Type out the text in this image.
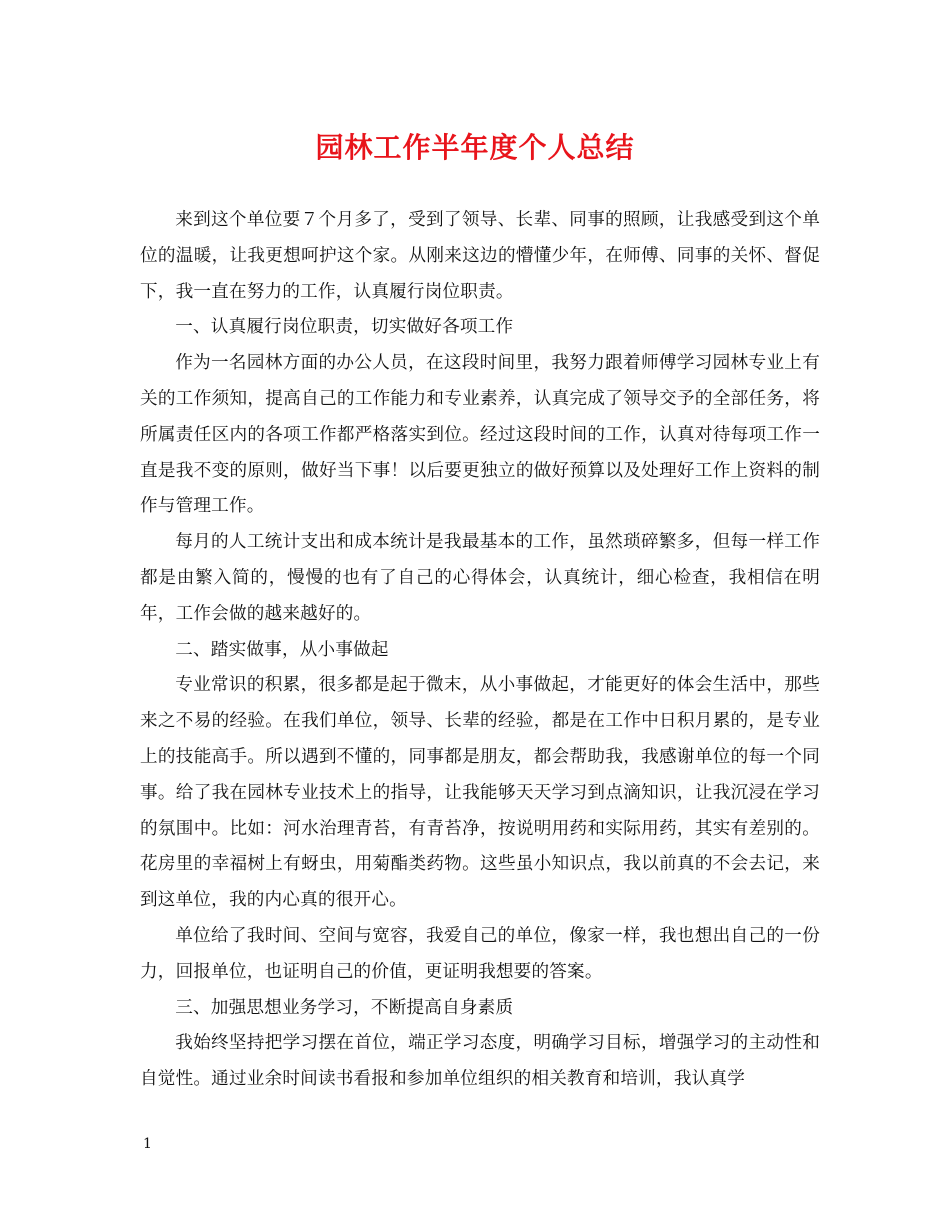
园林工作半年度个人总结

来到这个单位要７个月多了，受到了领导、长辈、同事的照顾，让我感受到这个单位的温暖，让我更想呵护这个家。从刚来这边的懵懂少年，在师傅、同事的关怀、督促下，我一直在努力的工作，认真履行岗位职责。

一、认真履行岗位职责，切实做好各项工作

作为一名园林方面的办公人员，在这段时间里，我努力跟着师傅学习园林专业上有关的工作须知，提高自己的工作能力和专业素养，认真完成了领导交予的全部任务，将所属责任区内的各项工作都严格落实到位。经过这段时间的工作，认真对待每项工作一直是我不变的原则，做好当下事！以后要更独立的做好预算以及处理好工作上资料的制作与管理工作。

每月的人工统计支出和成本统计是我最基本的工作，虽然琐碎繁多，但每一样工作都是由繁入简的，慢慢的也有了自己的心得体会，认真统计，细心检查，我相信在明年，工作会做的越来越好的。

二、踏实做事，从小事做起

专业常识的积累，很多都是起于微末，从小事做起，才能更好的体会生活中，那些来之不易的经验。在我们单位，领导、长辈的经验，都是在工作中日积月累的，是专业上的技能高手。所以遇到不懂的，同事都是朋友，都会帮助我，我感谢单位的每一个同事。给了我在园林专业技术上的指导，让我能够天天学习到点滴知识，让我沉浸在学习的氛围中。比如：河水治理青苔，有青苔净，按说明用药和实际用药，其实有差别的。花房里的幸福树上有蚜虫，用菊酯类药物。这些虽小知识点，我以前真的不会去记，来到这单位，我的内心真的很开心。

单位给了我时间、空间与宽容，我爱自己的单位，像家一样，我也想出自己的一份力，回报单位，也证明自己的价值，更证明我想要的答案。

三、加强思想业务学习，不断提高自身素质

我始终坚持把学习摆在首位，端正学习态度，明确学习目标，增强学习的主动性和自觉性。通过业余时间读书看报和参加单位组织的相关教育和培训，我认真学

1
